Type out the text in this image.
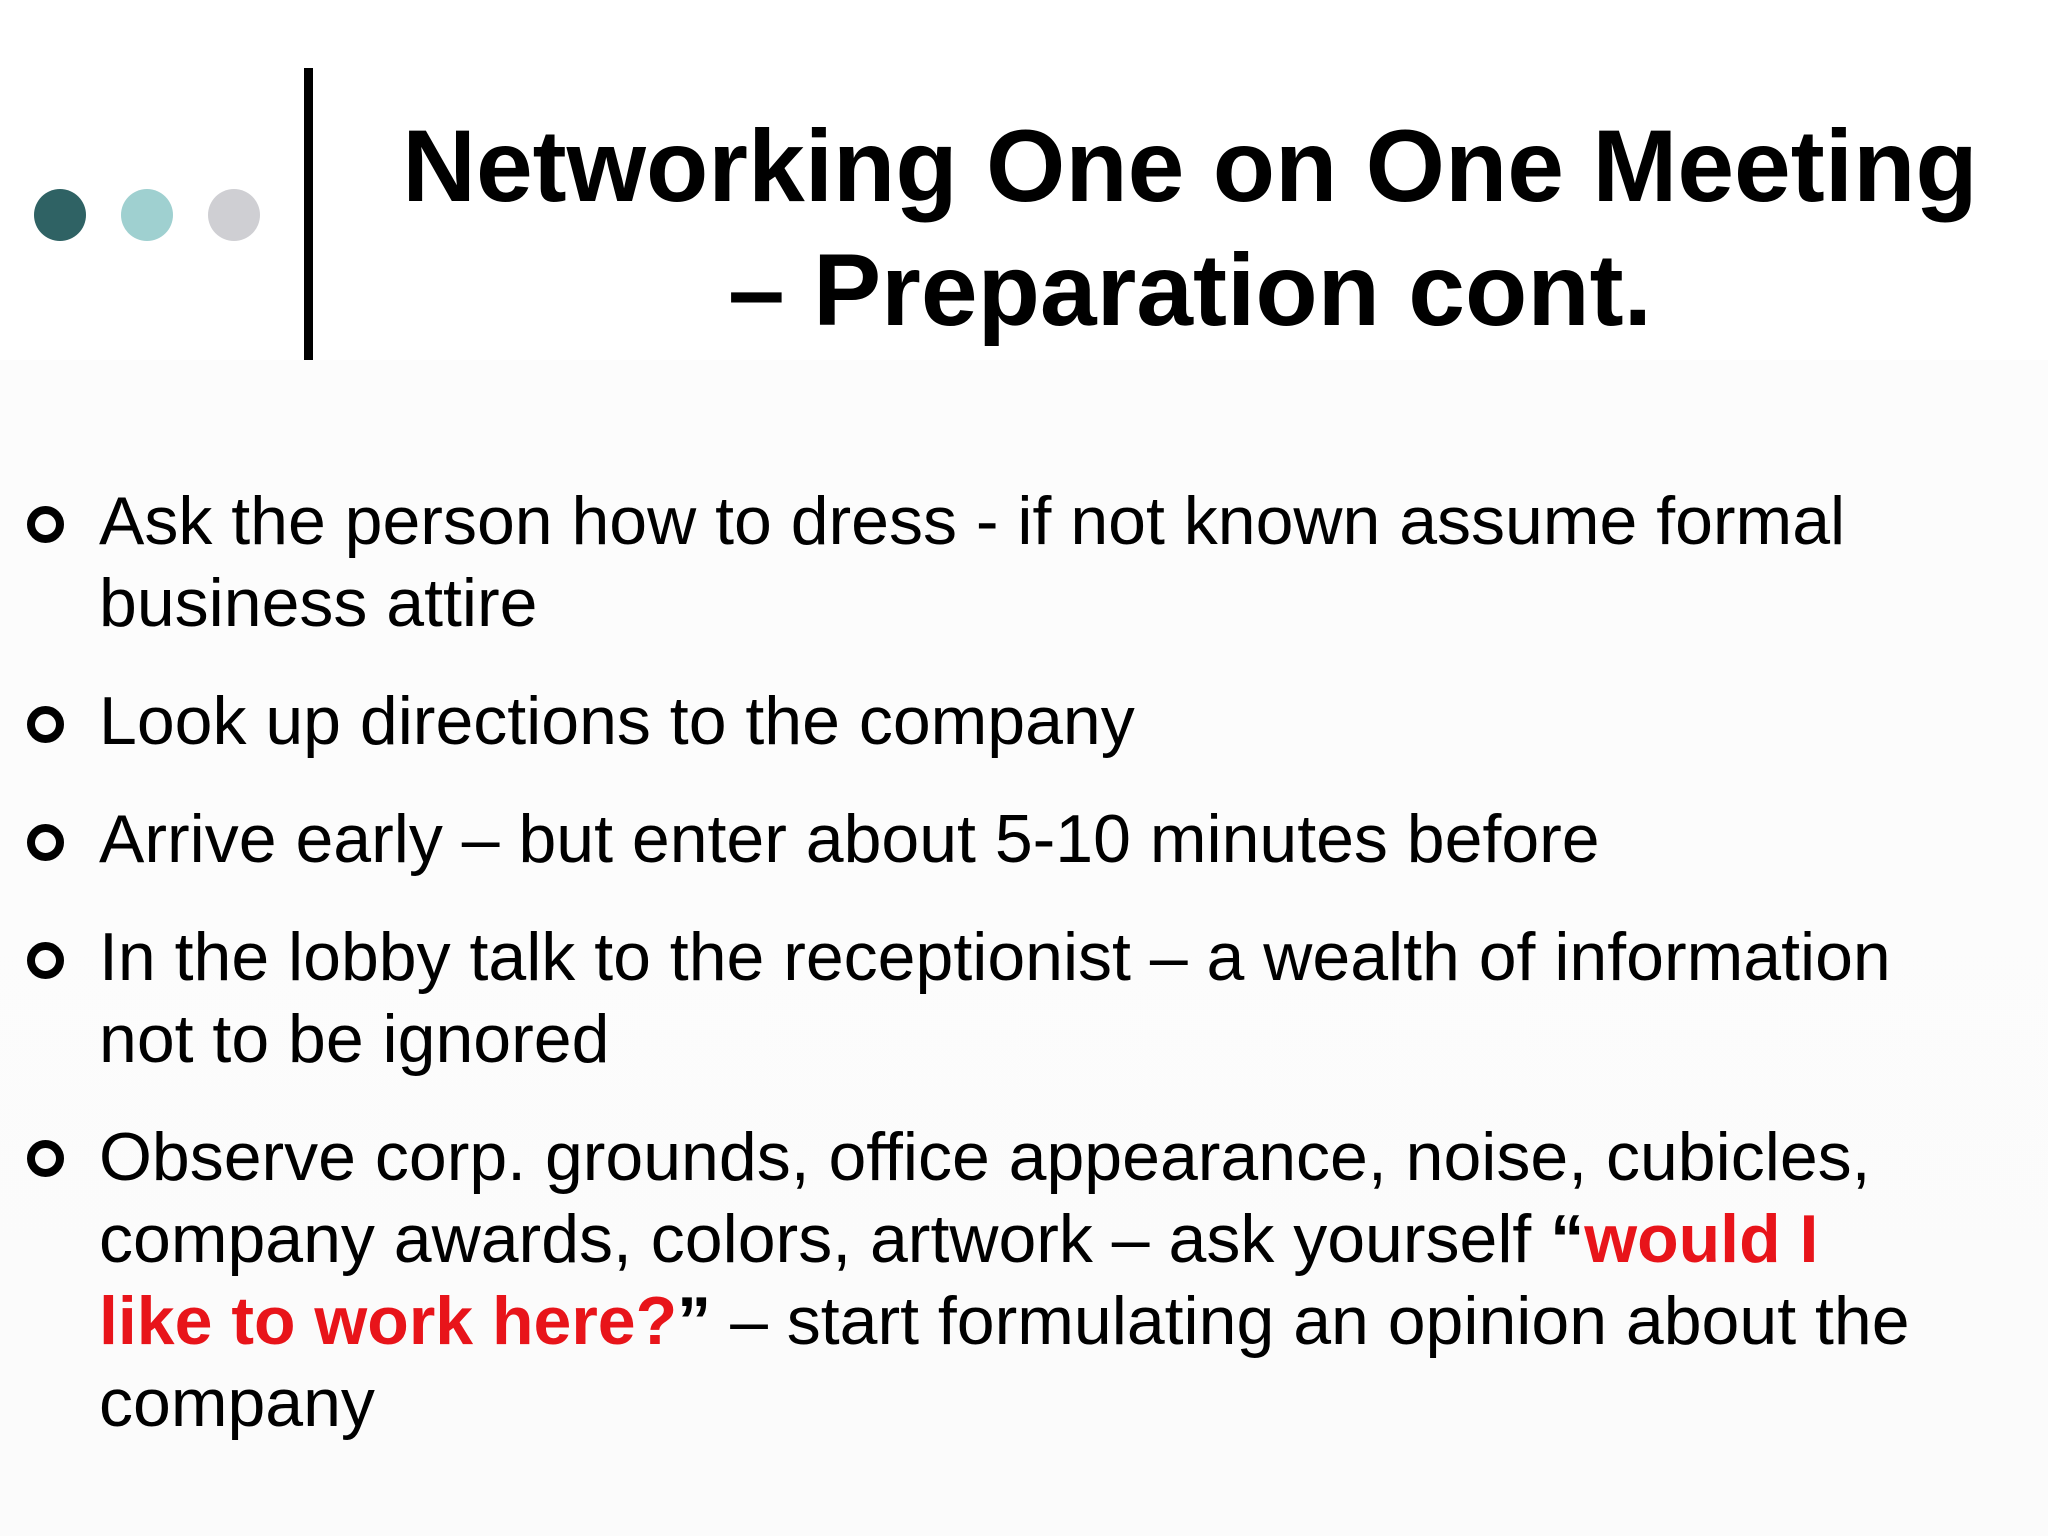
Networking One on One Meeting
– Preparation cont.
Ask the person how to dress - if not known assume formal
business attire
Look up directions to the company
Arrive early – but enter about 5-10 minutes before
In the lobby talk to the receptionist – a wealth of information
not to be ignored
Observe corp. grounds, office appearance, noise, cubicles,
company awards, colors, artwork – ask yourself “would I
like to work here?” – start formulating an opinion about the
company
